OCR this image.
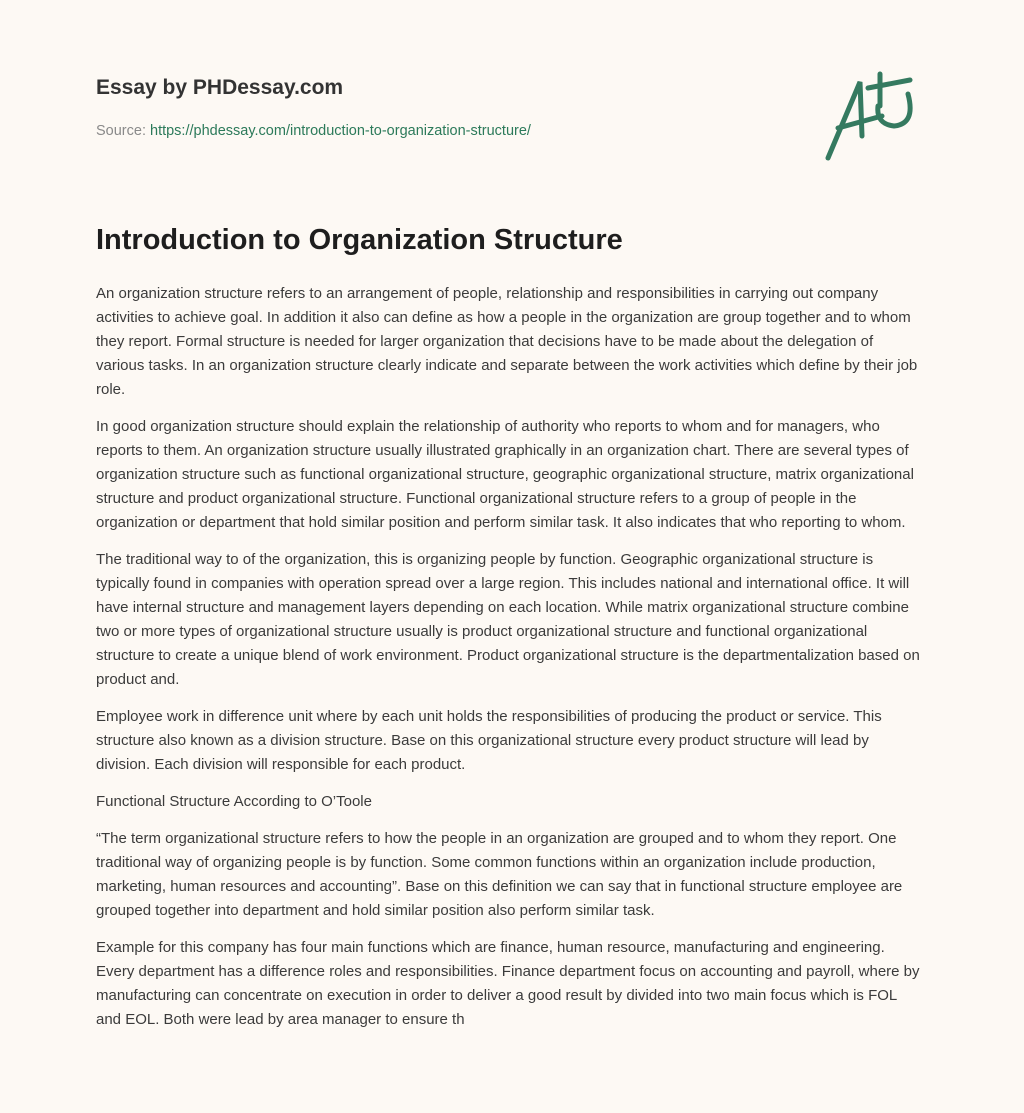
Essay by PHDessay.com
Source: https://phdessay.com/introduction-to-organization-structure/
Introduction to Organization Structure

An organization structure refers to an arrangement of people, relationship and responsibilities in carrying out company activities to achieve goal. In addition it also can define as how a people in the organization are group together and to whom they report. Formal structure is needed for larger organization that decisions have to be made about the delegation of various tasks. In an organization structure clearly indicate and separate between the work activities which define by their job role.

In good organization structure should explain the relationship of authority who reports to whom and for managers, who reports to them. An organization structure usually illustrated graphically in an organization chart. There are several types of organization structure such as functional organizational structure, geographic organizational structure, matrix organizational structure and product organizational structure. Functional organizational structure refers to a group of people in the organization or department that hold similar position and perform similar task. It also indicates that who reporting to whom.

The traditional way to of the organization, this is organizing people by function. Geographic organizational structure is typically found in companies with operation spread over a large region. This includes national and international office. It will have internal structure and management layers depending on each location. While matrix organizational structure combine two or more types of organizational structure usually is product organizational structure and functional organizational structure to create a unique blend of work environment. Product organizational structure is the departmentalization based on product and.

Employee work in difference unit where by each unit holds the responsibilities of producing the product or service. This structure also known as a division structure. Base on this organizational structure every product structure will lead by division. Each division will responsible for each product.

Functional Structure According to O’Toole

“The term organizational structure refers to how the people in an organization are grouped and to whom they report. One traditional way of organizing people is by function. Some common functions within an organization include production, marketing, human resources and accounting”. Base on this definition we can say that in functional structure employee are grouped together into department and hold similar position also perform similar task.

Example for this company has four main functions which are finance, human resource, manufacturing and engineering. Every department has a difference roles and responsibilities. Finance department focus on accounting and payroll, where by manufacturing can concentrate on execution in order to deliver a good result by divided into two main focus which is FOL and EOL. Both were lead by area manager to ensure th
